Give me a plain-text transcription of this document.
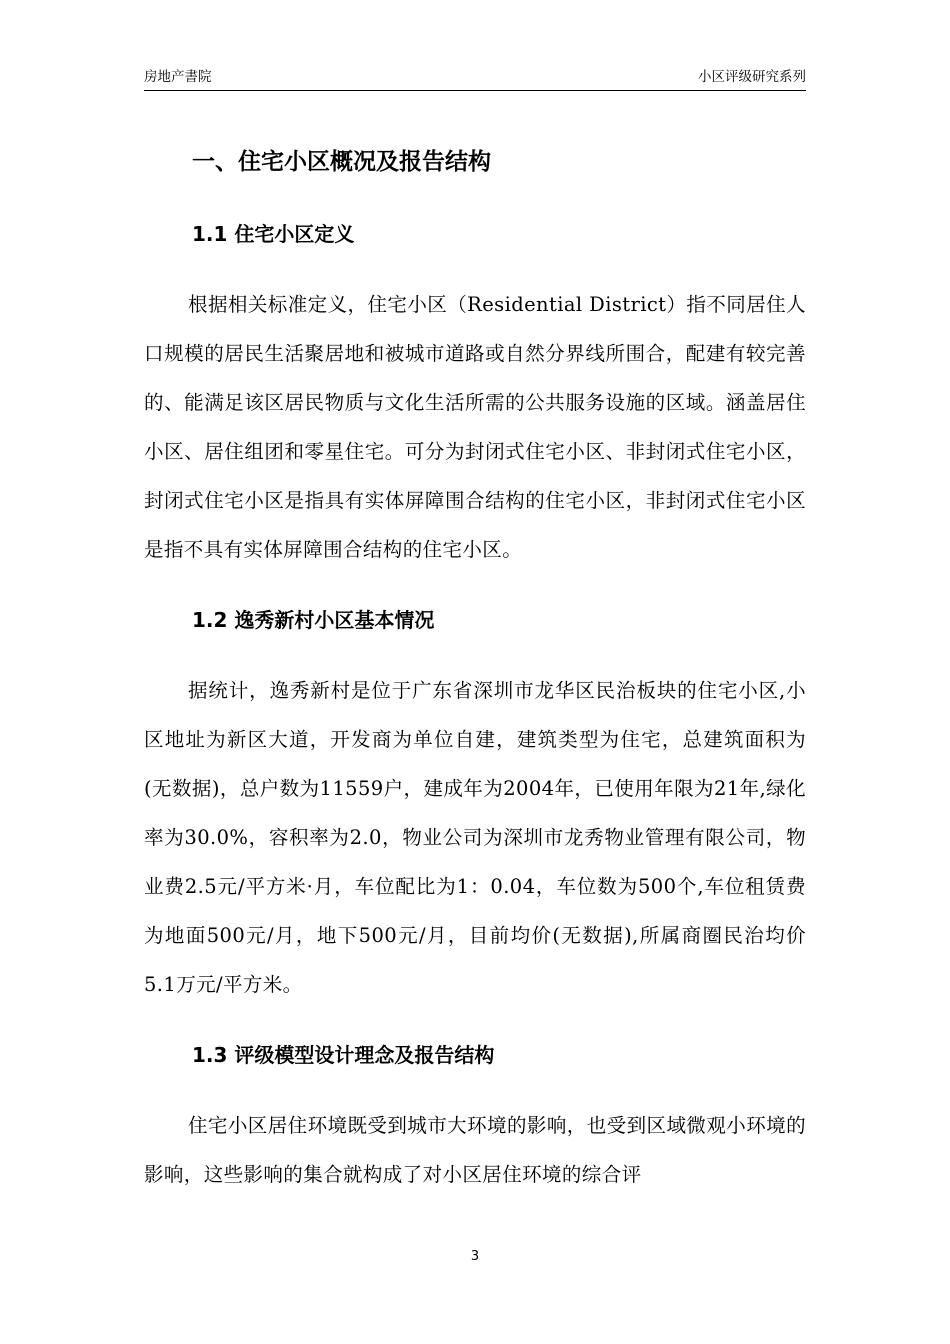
房地产書院	小区评级研究系列
一、住宅小区概况及报告结构
1.1 住宅小区定义

根据相关标准定义，住宅小区（Residential District）指不同居住人口规模的居民生活聚居地和被城市道路或自然分界线所围合，配建有较完善的、能满足该区居民物质与文化生活所需的公共服务设施的区域。涵盖居住小区、居住组团和零星住宅。可分为封闭式住宅小区、非封闭式住宅小区，封闭式住宅小区是指具有实体屏障围合结构的住宅小区，非封闭式住宅小区是指不具有实体屏障围合结构的住宅小区。

1.2 逸秀新村小区基本情况

据统计，逸秀新村是位于广东省深圳市龙华区民治板块的住宅小区,小区地址为新区大道，开发商为单位自建，建筑类型为住宅，总建筑面积为(无数据)，总户数为11559户，建成年为2004年，已使用年限为21年,绿化率为30.0%，容积率为2.0，物业公司为深圳市龙秀物业管理有限公司，物业费2.5元/平方米·月，车位配比为1：0.04，车位数为500个,车位租赁费为地面500元/月，地下500元/月，目前均价(无数据),所属商圈民治均价5.1万元/平方米。

1.3 评级模型设计理念及报告结构

住宅小区居住环境既受到城市大环境的影响，也受到区域微观小环境的影响，这些影响的集合就构成了对小区居住环境的综合评

3
